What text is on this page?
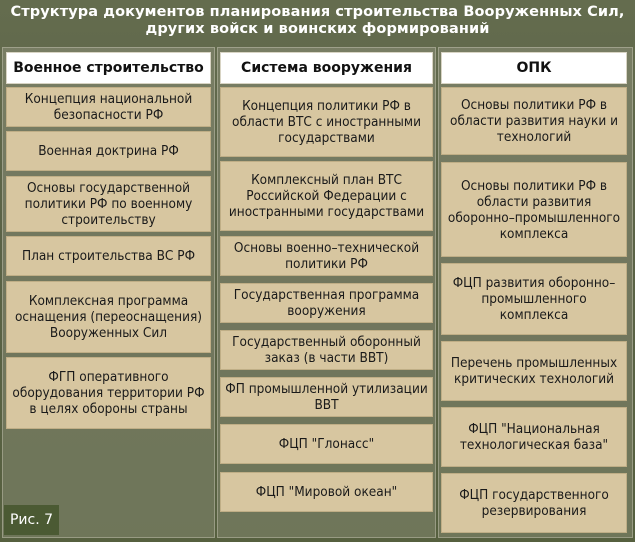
Структура документов планирования строительства Вооруженных Сил,
других войск и воинских формирований
Военное строительство
Концепция национальной безопасности РФ
Военная доктрина РФ
Основы государственной политики РФ по военному строительству
План строительства ВС РФ
Комплексная программа оснащения (переоснащения) Вооруженных Сил
ФГП оперативного оборудования территории РФ в целях обороны страны
Система вооружения
Концепция политики РФ в области ВТС с иностранными государствами
Комплексный план ВТС Российской Федерации с иностранными государствами
Основы военно–технической политики РФ
Государственная программа вооружения
Государственный оборонный заказ (в части ВВТ)
ФП промышленной утилизации ВВТ
ФЦП "Глонасс"
ФЦП "Мировой океан"
ОПК
Основы политики РФ в области развития науки и технологий
Основы политики РФ в области развития оборонно–промышленного комплекса
ФЦП развития оборонно–промышленного комплекса
Перечень промышленных критических технологий
ФЦП "Национальная технологическая база"
ФЦП государственного резервирования
Рис. 7
